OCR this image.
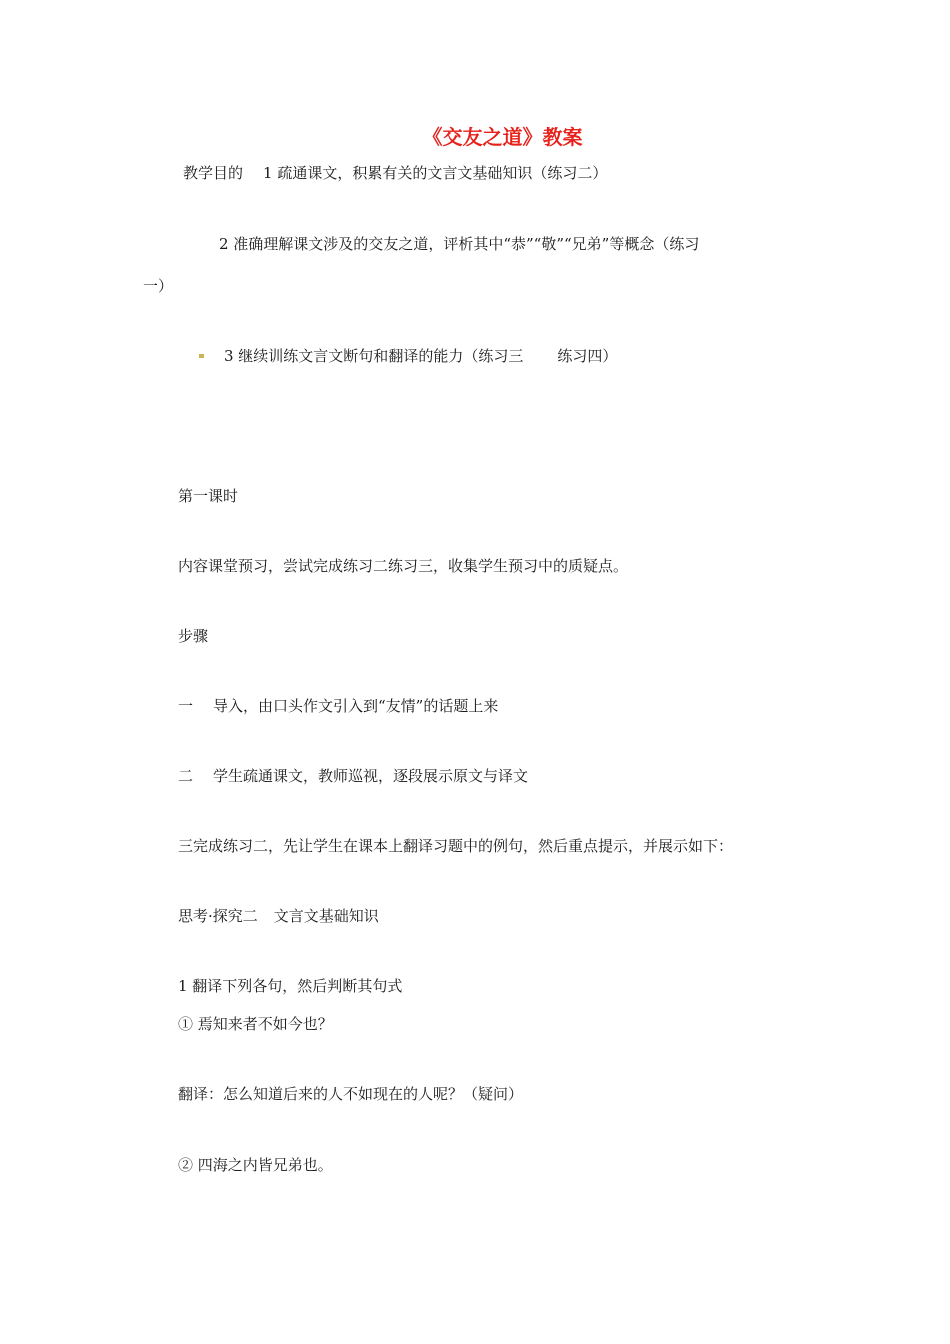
《交友之道》教案
教学目的 1 疏通课文，积累有关的文言文基础知识（练习二）
2 准确理解课文涉及的交友之道，评析其中“恭”“敬”“兄弟”等概念（练习
一）
3 继续训练文言文断句和翻译的能力（练习三 练习四）
第一课时
内容课堂预习，尝试完成练习二练习三，收集学生预习中的质疑点。
步骤
一 导入，由口头作文引入到“友情”的话题上来
二 学生疏通课文，教师巡视，逐段展示原文与译文
三完成练习二，先让学生在课本上翻译习题中的例句，然后重点提示，并展示如下：
思考·探究二 文言文基础知识
1 翻译下列各句，然后判断其句式
① 焉知来者不如今也？
翻译：怎么知道后来的人不如现在的人呢？（疑问）
② 四海之内皆兄弟也。
